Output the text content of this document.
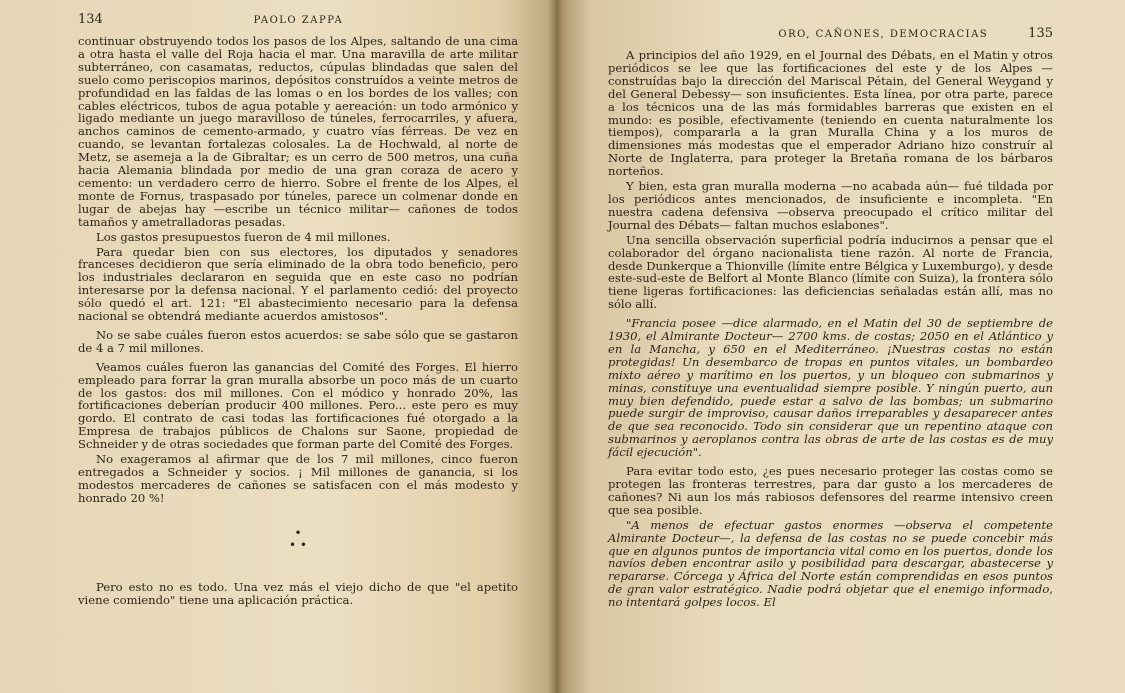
134	PAOLO ZAPPA

continuar obstruyendo todos los pasos de los Alpes, saltando de una cima a otra hasta el valle del Roja hacia el mar. Una maravilla de arte militar subterráneo, con casamatas, reductos, cúpulas blindadas que salen del suelo como periscopios marinos, depósitos construídos a veinte metros de profundidad en las faldas de las lomas o en los bordes de los valles; con cables eléctricos, tubos de agua potable y aereación: un todo armónico y ligado mediante un juego maravilloso de túneles, ferrocarriles, y afuera, anchos caminos de cemento-armado, y cuatro vías férreas. De vez en cuando, se levantan fortalezas colosales. La de Hochwald, al norte de Metz, se asemeja a la de Gibraltar; es un cerro de 500 metros, una cuña hacia Alemania blindada por medio de una gran coraza de acero y cemento: un verdadero cerro de hierro. Sobre el frente de los Alpes, el monte de Fornus, traspasado por túneles, parece un colmenar donde en lugar de abejas hay —escribe un técnico militar— cañones de todos tamaños y ametralladoras pesadas.

Los gastos presupuestos fueron de 4 mil millones.

Para quedar bien con sus electores, los diputados y senadores franceses decidieron que sería eliminado de la obra todo beneficio, pero los industriales declararon en seguida que en este caso no podrían interesarse por la defensa nacional. Y el parlamento cedió: del proyecto sólo quedó el art. 121: "El abastecimiento necesario para la defensa nacional se obtendrá mediante acuerdos amistosos".

No se sabe cuáles fueron estos acuerdos: se sabe sólo que se gastaron de 4 a 7 mil millones.

Veamos cuáles fueron las ganancias del Comité des Forges. El hierro empleado para forrar la gran muralla absorbe un poco más de un cuarto de los gastos: dos mil millones. Con el módico y honrado 20%, las fortificaciones deberían producir 400 millones. Pero... este pero es muy gordo. El contrato de casi todas las fortificaciones fué otorgado a la Empresa de trabajos públicos de Chalons sur Saone, propiedad de Schneider y de otras sociedades que forman parte del Comité des Forges.

No exageramos al afirmar que de los 7 mil millones, cinco fueron entregados a Schneider y socios. ¡ Mil millones de ganancia, si los modestos mercaderes de cañones se satisfacen con el más modesto y honrado 20 %!

•
• •

Pero esto no es todo. Una vez más el viejo dicho de que "el apetito viene comiendo" tiene una aplicación práctica.

ORO, CAÑONES, DEMOCRACIAS	135

A principios del año 1929, en el Journal des Débats, en el Matin y otros periódicos se lee que las fortificaciones del este y de los Alpes —construídas bajo la dirección del Mariscal Pétain, del General Weygand y del General Debessy— son insuficientes. Esta línea, por otra parte, parece a los técnicos una de las más formidables barreras que existen en el mundo: es posible, efectivamente (teniendo en cuenta naturalmente los tiempos), compararla a la gran Muralla China y a los muros de dimensiones más modestas que el emperador Adriano hizo construír al Norte de Inglaterra, para proteger la Bretaña romana de los bárbaros norteños.

Y bien, esta gran muralla moderna —no acabada aún— fué tildada por los periódicos antes mencionados, de insuficiente e incompleta. "En nuestra cadena defensiva —observa preocupado el crítico militar del Journal des Débats— faltan muchos eslabones".

Una sencilla observación superficial podría inducirnos a pensar que el colaborador del órgano nacionalista tiene razón. Al norte de Francia, desde Dunkerque a Thionville (límite entre Bélgica y Luxemburgo), y desde este-sud-este de Belfort al Monte Blanco (límite con Suiza), la frontera sólo tiene ligeras fortificaciones: las deficiencias señaladas están allí, mas no sólo allí.

"Francia posee —dice alarmado, en el Matin del 30 de septiembre de 1930, el Almirante Docteur— 2700 kms. de costas; 2050 en el Atlántico y en la Mancha, y 650 en el Mediterráneo. ¡Nuestras costas no están protegidas! Un desembarco de tropas en puntos vitales, un bombardeo mixto aéreo y marítimo en los puertos, y un bloqueo con submarinos y minas, constituye una eventualidad siempre posible. Y ningún puerto, aun muy bien defendido, puede estar a salvo de las bombas; un submarino puede surgir de improviso, causar daños irreparables y desaparecer antes de que sea reconocido. Todo sin considerar que un repentino ataque con submarinos y aeroplanos contra las obras de arte de las costas es de muy fácil ejecución".

Para evitar todo esto, ¿es pues necesario proteger las costas como se protegen las fronteras terrestres, para dar gusto a los mercaderes de cañones? Ni aun los más rabiosos defensores del rearme intensivo creen que sea posible.

"A menos de efectuar gastos enormes —observa el competente Almirante Docteur—, la defensa de las costas no se puede concebir más que en algunos puntos de importancia vital como en los puertos, donde los navíos deben encontrar asilo y posibilidad para descargar, abastecerse y repararse. Córcega y África del Norte están comprendidas en esos puntos de gran valor estratégico. Nadie podrá objetar que el enemigo informado, no intentará golpes locos. El
